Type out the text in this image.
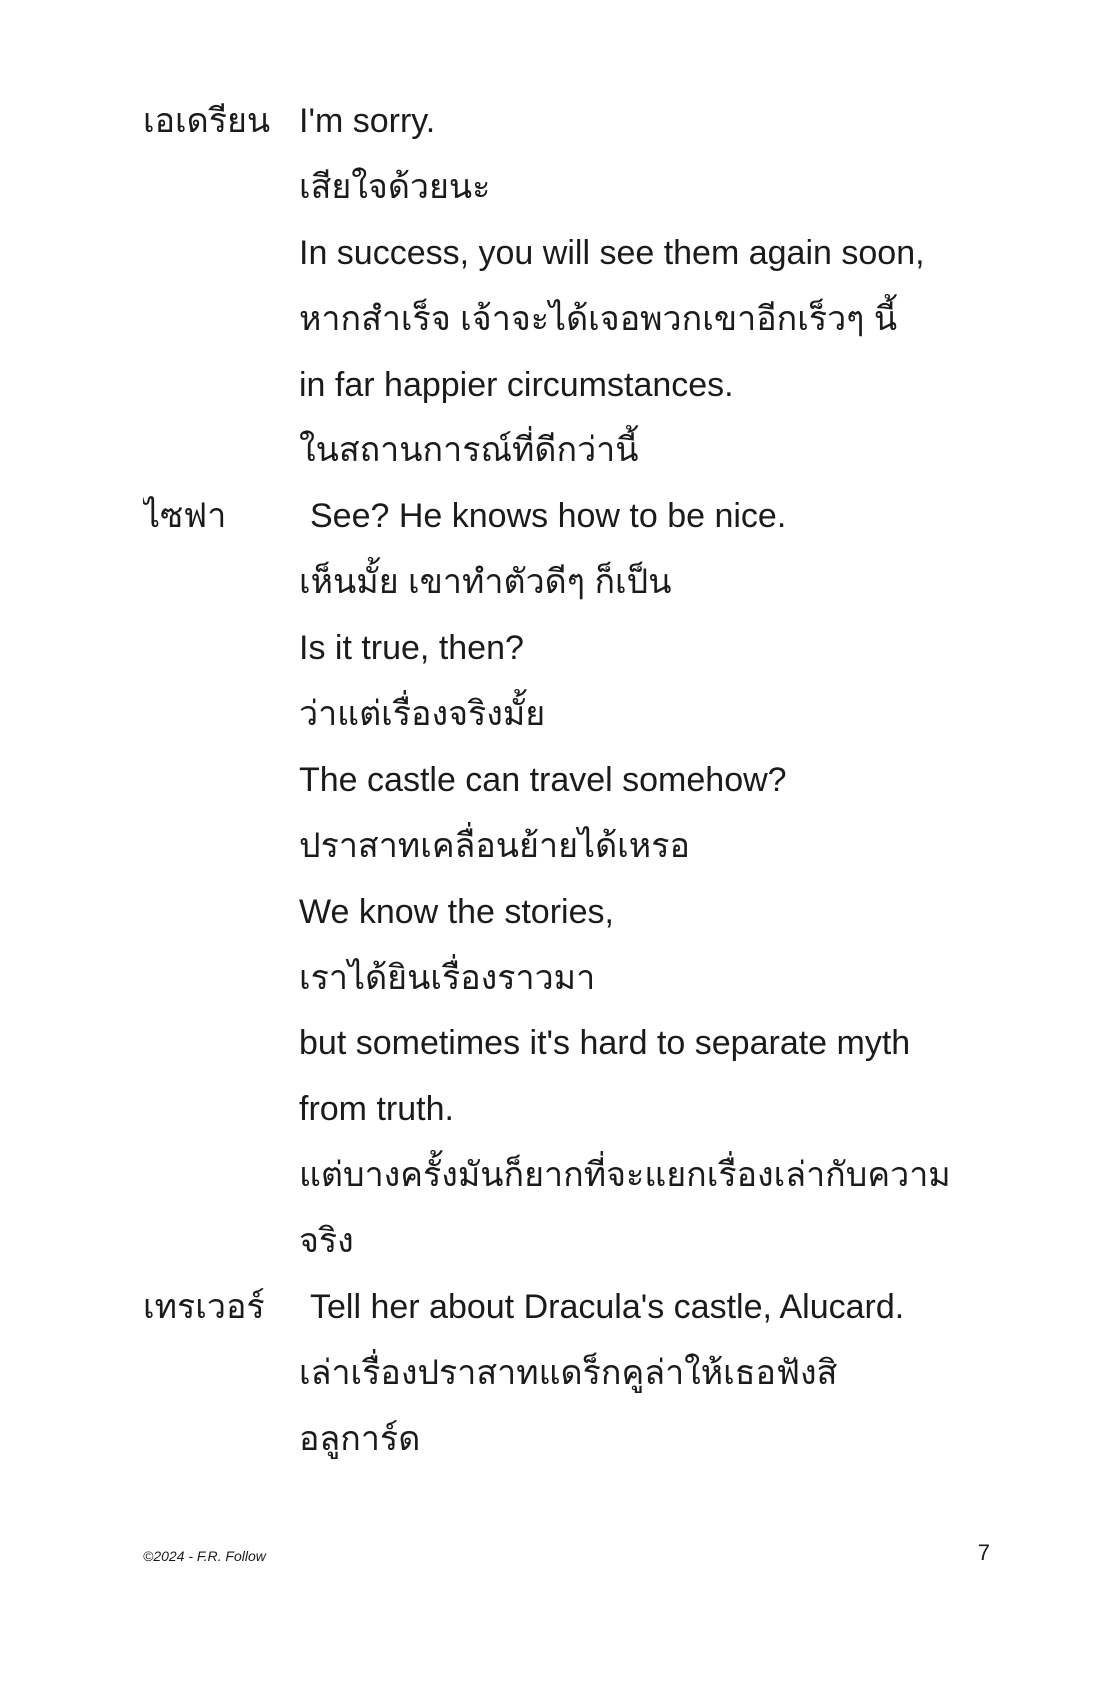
เอเดรียน I'm sorry.
เสียใจด้วยนะ
In success, you will see them again soon,
หากสำเร็จ เจ้าจะได้เจอพวกเขาอีกเร็วๆ นี้
in far happier circumstances.
ในสถานการณ์ที่ดีกว่านี้
ไซฟา	See? He knows how to be nice.
เห็นมั้ย เขาทำตัวดีๆ ก็เป็น
Is it true, then?
ว่าแต่เรื่องจริงมั้ย
The castle can travel somehow?
ปราสาทเคลื่อนย้ายได้เหรอ
We know the stories,
เราได้ยินเรื่องราวมา
but sometimes it's hard to separate myth
from truth.
แต่บางครั้งมันก็ยากที่จะแยกเรื่องเล่ากับความ
จริง
เทรเวอร์	Tell her about Dracula's castle, Alucard.
เล่าเรื่องปราสาทแดร็กคูล่าให้เธอฟังสิ
อลูการ์ด
©2024 - F.R. Follow	7
